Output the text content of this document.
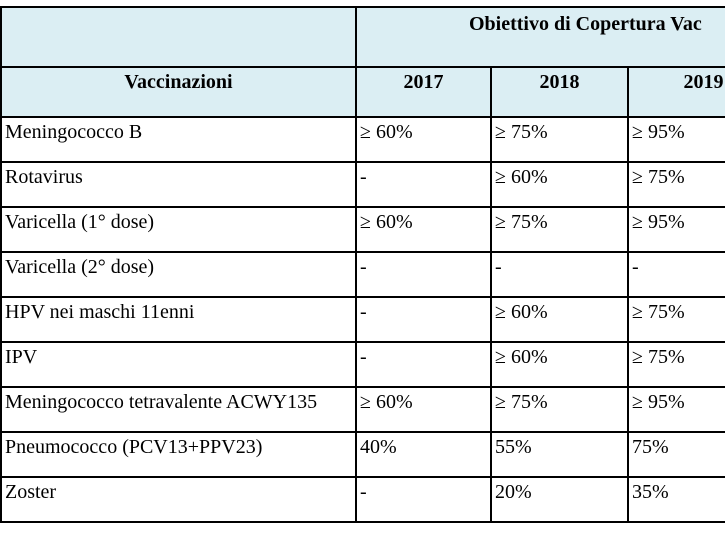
	Obiettivo di Copertura Vac		
Vaccinazioni	2017	2018	2019
Meningococco B	≥ 60%	≥ 75%	≥ 95%
Rotavirus	-	≥ 60%	≥ 75%
Varicella (1° dose)	≥ 60%	≥ 75%	≥ 95%
Varicella (2° dose)	-	-	-
HPV nei maschi 11enni	-	≥ 60%	≥ 75%
IPV	-	≥ 60%	≥ 75%
Meningococco tetravalente ACWY135	≥ 60%	≥ 75%	≥ 95%
Pneumococco (PCV13+PPV23)	40%	55%	75%
Zoster	-	20%	35%
